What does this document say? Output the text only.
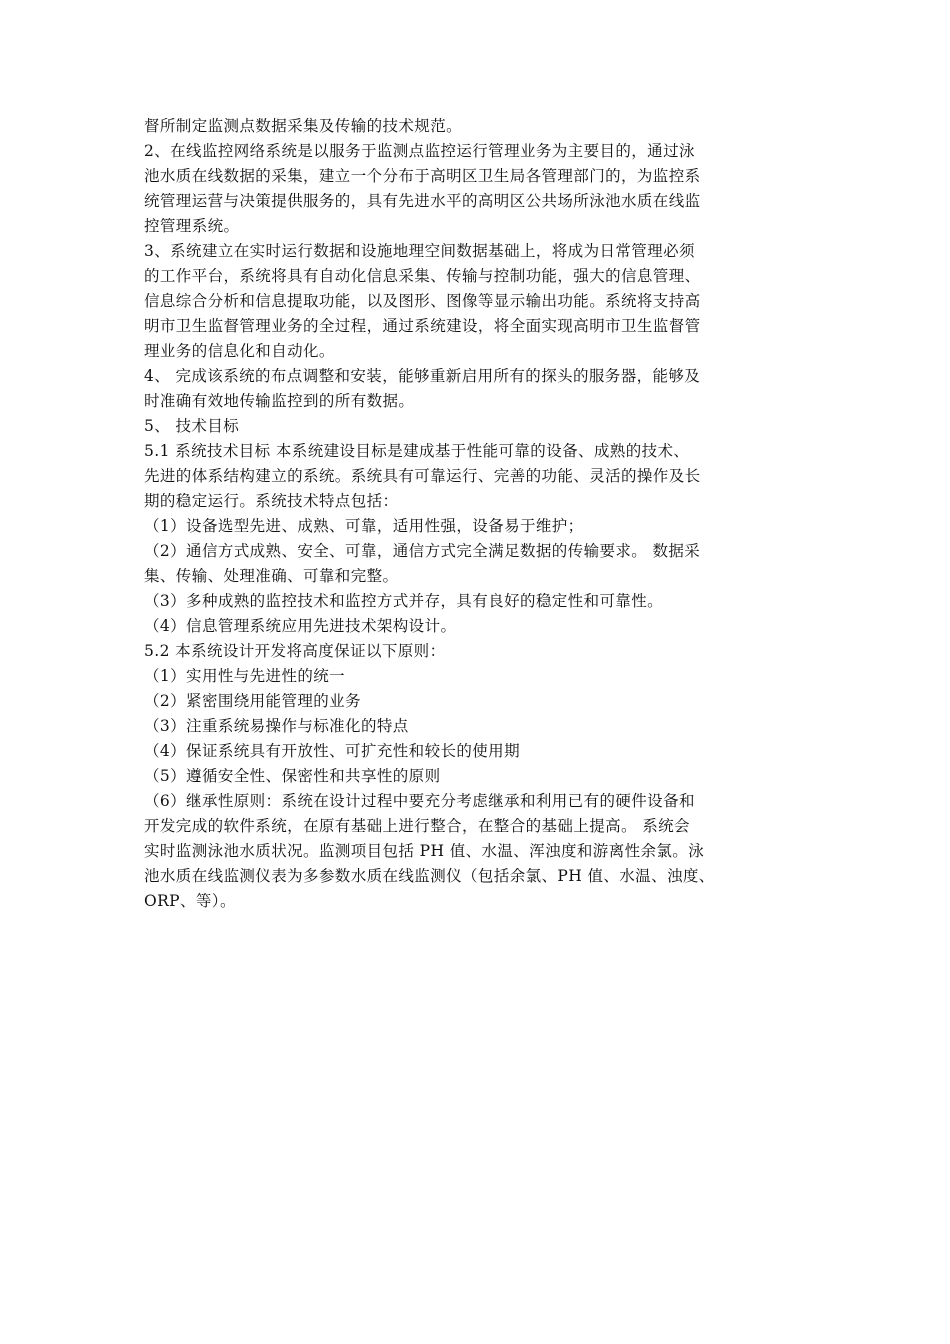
督所制定监测点数据采集及传输的技术规范。
2、在线监控网络系统是以服务于监测点监控运行管理业务为主要目的，通过泳
池水质在线数据的采集，建立一个分布于高明区卫生局各管理部门的，为监控系
统管理运营与决策提供服务的，具有先进水平的高明区公共场所泳池水质在线监
控管理系统。
3、系统建立在实时运行数据和设施地理空间数据基础上，将成为日常管理必须
的工作平台，系统将具有自动化信息采集、传输与控制功能，强大的信息管理、
信息综合分析和信息提取功能，以及图形、图像等显示输出功能。系统将支持高
明市卫生监督管理业务的全过程，通过系统建设，将全面实现高明市卫生监督管
理业务的信息化和自动化。
4、 完成该系统的布点调整和安装，能够重新启用所有的探头的服务器，能够及
时准确有效地传输监控到的所有数据。
5、 技术目标
5.1 系统技术目标 本系统建设目标是建成基于性能可靠的设备、成熟的技术、
先进的体系结构建立的系统。系统具有可靠运行、完善的功能、灵活的操作及长
期的稳定运行。系统技术特点包括：
（1）设备选型先进、成熟、可靠，适用性强，设备易于维护；
（2）通信方式成熟、安全、可靠，通信方式完全满足数据的传输要求。 数据采
集、传输、处理准确、可靠和完整。
（3）多种成熟的监控技术和监控方式并存，具有良好的稳定性和可靠性。
（4）信息管理系统应用先进技术架构设计。
5.2 本系统设计开发将高度保证以下原则：
（1）实用性与先进性的统一
（2）紧密围绕用能管理的业务
（3）注重系统易操作与标准化的特点
（4）保证系统具有开放性、可扩充性和较长的使用期
（5）遵循安全性、保密性和共享性的原则
（6）继承性原则：系统在设计过程中要充分考虑继承和利用已有的硬件设备和
开发完成的软件系统，在原有基础上进行整合，在整合的基础上提高。 系统会
实时监测泳池水质状况。监测项目包括 PH 值、水温、浑浊度和游离性余氯。泳
池水质在线监测仪表为多参数水质在线监测仪（包括余氯、PH 值、水温、浊度、
ORP、等）。
